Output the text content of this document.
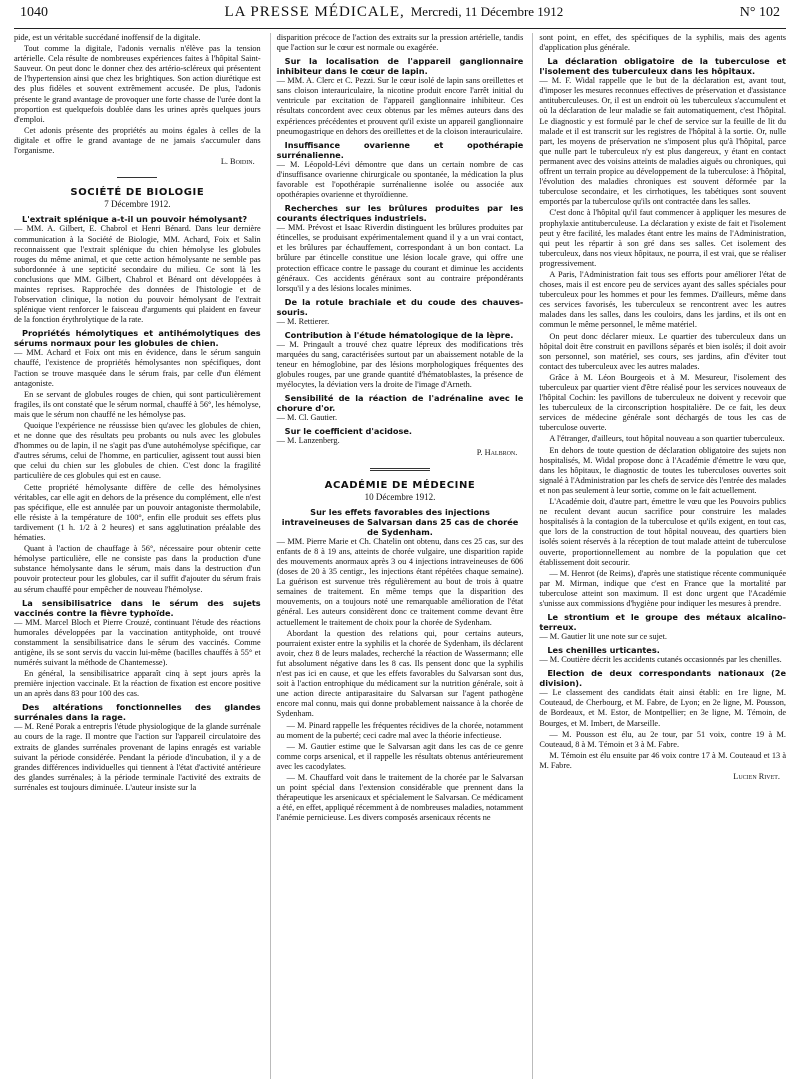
1040	LA PRESSE MÉDICALE, Mercredi, 11 Décembre 1912	N° 102

pide, est un véritable succédané inoffensif de la digitale.

Tout comme la digitale, l'adonis vernalis n'élève pas la tension artérielle. Cela résulte de nombreuses expériences faites à l'hôpital Saint-Sauveur. On peut donc le donner chez des artério-scléreux qui présentent de l'hypertension ainsi que chez les brightiques. Son action diurétique est des plus fidèles et souvent extrêmement accusée. De plus, l'adonis présente le grand avantage de provoquer une forte chasse de l'urée dont la proportion est quelquefois doublée dans les urines après quelques jours d'emploi.

Cet adonis présente des propriétés au moins égales à celles de la digitale et offre le grand avantage de ne jamais s'accumuler dans l'organisme.

L. Boidin.
SOCIÉTÉ DE BIOLOGIE
7 Décembre 1912.
L'extrait splénique a-t-il un pouvoir hémolysant?

— MM. A. Gilbert, E. Chabrol et Henri Bénard. Dans leur dernière communication à la Société de Biologie, MM. Achard, Foix et Salin reconnaissent que l'extrait splénique du chien hémolyse les globules rouges du même animal, et que cette action hémolysante ne semble pas subordonnée à une septicité secondaire du milieu. Ce sont là les conclusions que MM. Gilbert, Chabrol et Bénard ont développées à maintes reprises. Rapprochée des données de l'histologie et de l'observation clinique, la notion du pouvoir hémolysant de l'extrait splénique vient renforcer le faisceau d'arguments qui plaident en faveur de la fonction érythrolytique de la rate.

Propriétés hémolytiques et antihémolytiques des sérums normaux pour les globules de chien.

— MM. Achard et Foix ont mis en évidence, dans le sérum sanguin chauffé, l'existence de propriétés hémolysantes non spécifiques, dont l'action se trouve masquée dans le sérum frais, par celle d'un élément antagoniste.

En se servant de globules rouges de chien, qui sont particulièrement fragiles, ils ont constaté que le sérum normal, chauffé à 56°, les hémolyse, mais que le sérum non chauffé ne les hémolyse pas.

Quoique l'expérience ne réussisse bien qu'avec les globules de chien, et ne donne que des résultats peu probants ou nuls avec les globules d'hommes ou de lapin, il ne s'agit pas d'une autohémolyse spécifique, car d'autres sérums, celui de l'homme, en particulier, agissent tout aussi bien que celui du chien sur les globules de chien. C'est donc la fragilité particulière de ces globules qui est en cause.

Cette propriété hémolysante diffère de celle des hémolysines véritables, car elle agit en dehors de la présence du complément, elle n'est pas spécifique, elle est annulée par un pouvoir antagoniste thermolabile, elle résiste à la température de 100°, enfin elle produit ses effets plus tardivement (1 h. 1/2 à 2 heures) et sans agglutination préalable des hématies.

Quant à l'action de chauffage à 56°, nécessaire pour obtenir cette hémolyse particulière, elle ne consiste pas dans la production d'une substance hémolysante dans le sérum, mais dans la destruction d'un pouvoir protecteur pour les globules, car il suffit d'ajouter du sérum frais au sérum chauffé pour empêcher de nouveau l'hémolyse.

La sensibilisatrice dans le sérum des sujets vaccinés contre la fièvre typhoïde.

— MM. Marcel Bloch et Pierre Crouzé, continuant l'étude des réactions humorales développées par la vaccination antityphoïde, ont trouvé constamment la sensibilisatrice dans le sérum des vaccinés. Comme antigène, ils se sont servis du vaccin lui-même (bacilles chauffés à 55° et numérés suivant la méthode de Chantemesse).

En général, la sensibilisatrice apparaît cinq à sept jours après la première injection vaccinale. Et la réaction de fixation est encore positive un an après dans 83 pour 100 des cas.

Des altérations fonctionnelles des glandes surrénales dans la rage.

— M. René Porak a entrepris l'étude physiologique de la glande surrénale au cours de la rage. Il montre que l'action sur l'appareil circulatoire des extraits de glandes surrénales provenant de lapins enragés est variable suivant la période considérée. Pendant la période d'incubation, il y a de grandes différences individuelles qui tiennent à l'état d'activité antérieure des glandes surrénales; à la période terminale l'activité des extraits de surrénales est toujours diminuée. L'auteur insiste sur la

disparition précoce de l'action des extraits sur la pression artérielle, tandis que l'action sur le cœur est normale ou exagérée.

Sur la localisation de l'appareil ganglionnaire inhibiteur dans le cœur de lapin.

— MM. A. Clerc et C. Pezzi. Sur le cœur isolé de lapin sans oreillettes et sans cloison interauriculaire, la nicotine produit encore l'arrêt initial du ventricule par excitation de l'appareil ganglionnaire inhibiteur. Ces résultats concordent avec ceux obtenus par les mêmes auteurs dans des expériences précédentes et prouvent qu'il existe un appareil ganglionnaire pneumogastrique en dehors des oreillettes et de la cloison interauriculaire.

Insuffisance ovarienne et opothérapie surrénalienne.

— M. Léopold-Lévi démontre que dans un certain nombre de cas d'insuffisance ovarienne chirurgicale ou spontanée, la médication la plus favorable est l'opothérapie surrénalienne isolée ou associée aux opothérapies ovarienne et thyroïdienne.

Recherches sur les brûlures produites par les courants électriques industriels.

— MM. Prévost et Isaac Riverdin distinguent les brûlures produites par étincelles, se produisant expérimentalement quand il y a un vrai contact, et les brûlures par échauffement, correspondant à un bon contact. La brûlure par étincelle constitue une lésion locale grave, qui offre une protection efficace contre le passage du courant et diminue les accidents généraux. Ces accidents généraux sont au contraire prépondérants lorsqu'il y a des lésions locales minimes.

De la rotule brachiale et du coude des chauves-souris.

— M. Rettierer.

Contribution à l'étude hématologique de la lèpre.

— M. Pringault a trouvé chez quatre lépreux des modifications très marquées du sang, caractérisées surtout par un abaissement notable de la teneur en hémoglobine, par des lésions morphologiques fréquentes des globules rouges, par une grande quantité d'hématoblastes, la présence de myélocytes, la déviation vers la droite de l'image d'Arneth.

Sensibilité de la réaction de l'adrénaline avec le chorure d'or.

— M. Cl. Gautier.

Sur le coefficient d'acidose.

— M. Lanzenberg.

P. Halbron.
ACADÉMIE DE MÉDECINE
10 Décembre 1912.
Sur les effets favorables des injections intraveineuses de Salvarsan dans 25 cas de chorée de Sydenham.

— MM. Pierre Marie et Ch. Chatelin ont obtenu, dans ces 25 cas, sur des enfants de 8 à 19 ans, atteints de chorée vulgaire, une disparition rapide des mouvements anormaux après 3 ou 4 injections intraveineuses de 606 (doses de 20 à 35 centigr., les injections étant répétées chaque semaine). La guérison est survenue très régulièrement au bout de trois à quatre semaines de traitement. En même temps que la disparition des mouvements, on a toujours noté une remarquable amélioration de l'état général. Les auteurs considèrent donc ce traitement comme devant être actuellement le traitement de choix pour la chorée de Sydenham.

Abordant la question des relations qui, pour certains auteurs, pourraient exister entre la syphilis et la chorée de Sydenham, ils déclarent avoir, chez 8 de leurs malades, recherché la réaction de Wassermann; elle fut absolument négative dans les 8 cas. Ils pensent donc que la syphilis n'est pas ici en cause, et que les effets favorables du Salvarsan sont dus, soit à l'action entrophique du médicament sur la nutrition générale, soit à une action directe antiparasitaire du Salvarsan sur l'agent pathogène encore mal connu, mais qui donne probablement naissance à la chorée de Sydenham.

— M. Pinard rappelle les fréquentes récidives de la chorée, notamment au moment de la puberté; ceci cadre mal avec la théorie infectieuse.

— M. Gautier estime que le Salvarsan agit dans les cas de ce genre comme corps arsenical, et il rappelle les résultats obtenus antérieurement avec les cacodylates.

— M. Chauffard voit dans le traitement de la chorée par le Salvarsan un point spécial dans l'extension considérable que prennent dans la thérapeutique les arsenicaux et spécialement le Salvarsan. Ce médicament a été, en effet, appliqué récemment à de nombreuses maladies, notamment l'anémie pernicieuse. Les divers composés arsenicaux récents ne

sont point, en effet, des spécifiques de la syphilis, mais des agents d'application plus générale.

La déclaration obligatoire de la tuberculose et l'isolement des tuberculeux dans les hôpitaux.

— M. F. Widal rappelle que le but de la déclaration est, avant tout, d'imposer les mesures reconnues effectives de préservation et d'assistance antituberculeuses. Or, il est un endroit où les tuberculeux s'accumulent et où la déclaration de leur maladie se fait automatiquement, c'est l'hôpital. Le diagnostic y est formulé par le chef de service sur la feuille de lit du malade et il est transcrit sur les registres de l'hôpital à la sortie. Or, nulle part, les moyens de préservation ne s'imposent plus qu'à l'hôpital, parce que nulle part le tuberculeux n'y est plus dangereux, y étant en contact permanent avec des voisins atteints de maladies aiguës ou chroniques, qui offrent un terrain propice au développement de la tuberculose: à l'hôpital, l'évolution des maladies chroniques est souvent déformée par la tuberculose secondaire, et les cirrhotiques, les tabétiques sont souvent emportés par la tuberculose qu'ils ont contractée dans les salles.

C'est donc à l'hôpital qu'il faut commencer à appliquer les mesures de prophylaxie antituberculeuse. La déclaration y existe de fait et l'isolement peut y être facilité, les malades étant entre les mains de l'Administration, qui peut les répartir à son gré dans ses salles. Cet isolement des tuberculeux, dans nos vieux hôpitaux, ne pourra, il est vrai, que se réaliser progressivement.

A Paris, l'Administration fait tous ses efforts pour améliorer l'état de choses, mais il est encore peu de services ayant des salles spéciales pour tuberculeux pour les hommes et pour les femmes. D'ailleurs, même dans ces services favorisés, les tuberculeux se rencontrent avec les autres malades dans les salles, dans les couloirs, dans les jardins, et ils ont en commun le même personnel, le même matériel.

On peut donc déclarer mieux. Le quartier des tuberculeux dans un hôpital doit être construit en pavillons séparés et bien isolés; il doit avoir son personnel, son matériel, ses cours, ses jardins, afin d'éviter tout contact des tuberculeux avec les autres malades.

Grâce à M. Léon Bourgeois et à M. Mesureur, l'isolement des tuberculeux par quartier vient d'être réalisé pour les services nouveaux de l'hôpital Cochin: les pavillons de tuberculeux ne doivent y recevoir que les tuberculeux de la circonscription hospitalière. De ce fait, les deux services de médecine générale sont déchargés de tous les cas de tuberculose ouverte.

A l'étranger, d'ailleurs, tout hôpital nouveau a son quartier tuberculeux.

En dehors de toute question de déclaration obligatoire des sujets non hospitalisés, M. Widal propose donc à l'Académie d'émettre le vœu que, dans les hôpitaux, le diagnostic de toutes les tuberculoses ouvertes soit signalé à l'Administration par les chefs de service dès l'entrée des malades et non pas seulement à leur sortie, comme on le fait actuellement.

L'Académie doit, d'autre part, émettre le vœu que les Pouvoirs publics ne reculent devant aucun sacrifice pour construire les malades hospitalisés à la contagion de la tuberculose et qu'ils exigent, en tout cas, que lors de la construction de tout hôpital nouveau, des quartiers bien isolés soient réservés à la réception de tout malade atteint de tuberculose ouverte, proportionnellement au nombre de la population que cet établissement doit secourir.

— M. Henrot (de Reims), d'après une statistique récente communiquée par M. Mirman, indique que c'est en France que la mortalité par tuberculose atteint son maximum. Il est donc urgent que l'Académie s'unisse aux commissions d'hygiène pour indiquer les mesures à prendre.

Le strontium et le groupe des métaux alcalino-terreux.

— M. Gautier lit une note sur ce sujet.

Les chenilles urticantes.

— M. Coutière décrit les accidents cutanés occasionnés par les chenilles.

Election de deux correspondants nationaux (2e division).

— Le classement des candidats était ainsi établi: en 1re ligne, M. Couteaud, de Cherbourg, et M. Fabre, de Lyon; en 2e ligne, M. Pousson, de Bordeaux, et M. Estor, de Montpellier; en 3e ligne, M. Témoin, de Bourges, et M. Imbert, de Marseille.

— M. Pousson est élu, au 2e tour, par 51 voix, contre 19 à M. Couteaud, 8 à M. Témoin et 3 à M. Fabre.

M. Témoin est élu ensuite par 46 voix contre 17 à M. Couteaud et 13 à M. Fabre.

Lucien Rivet.
